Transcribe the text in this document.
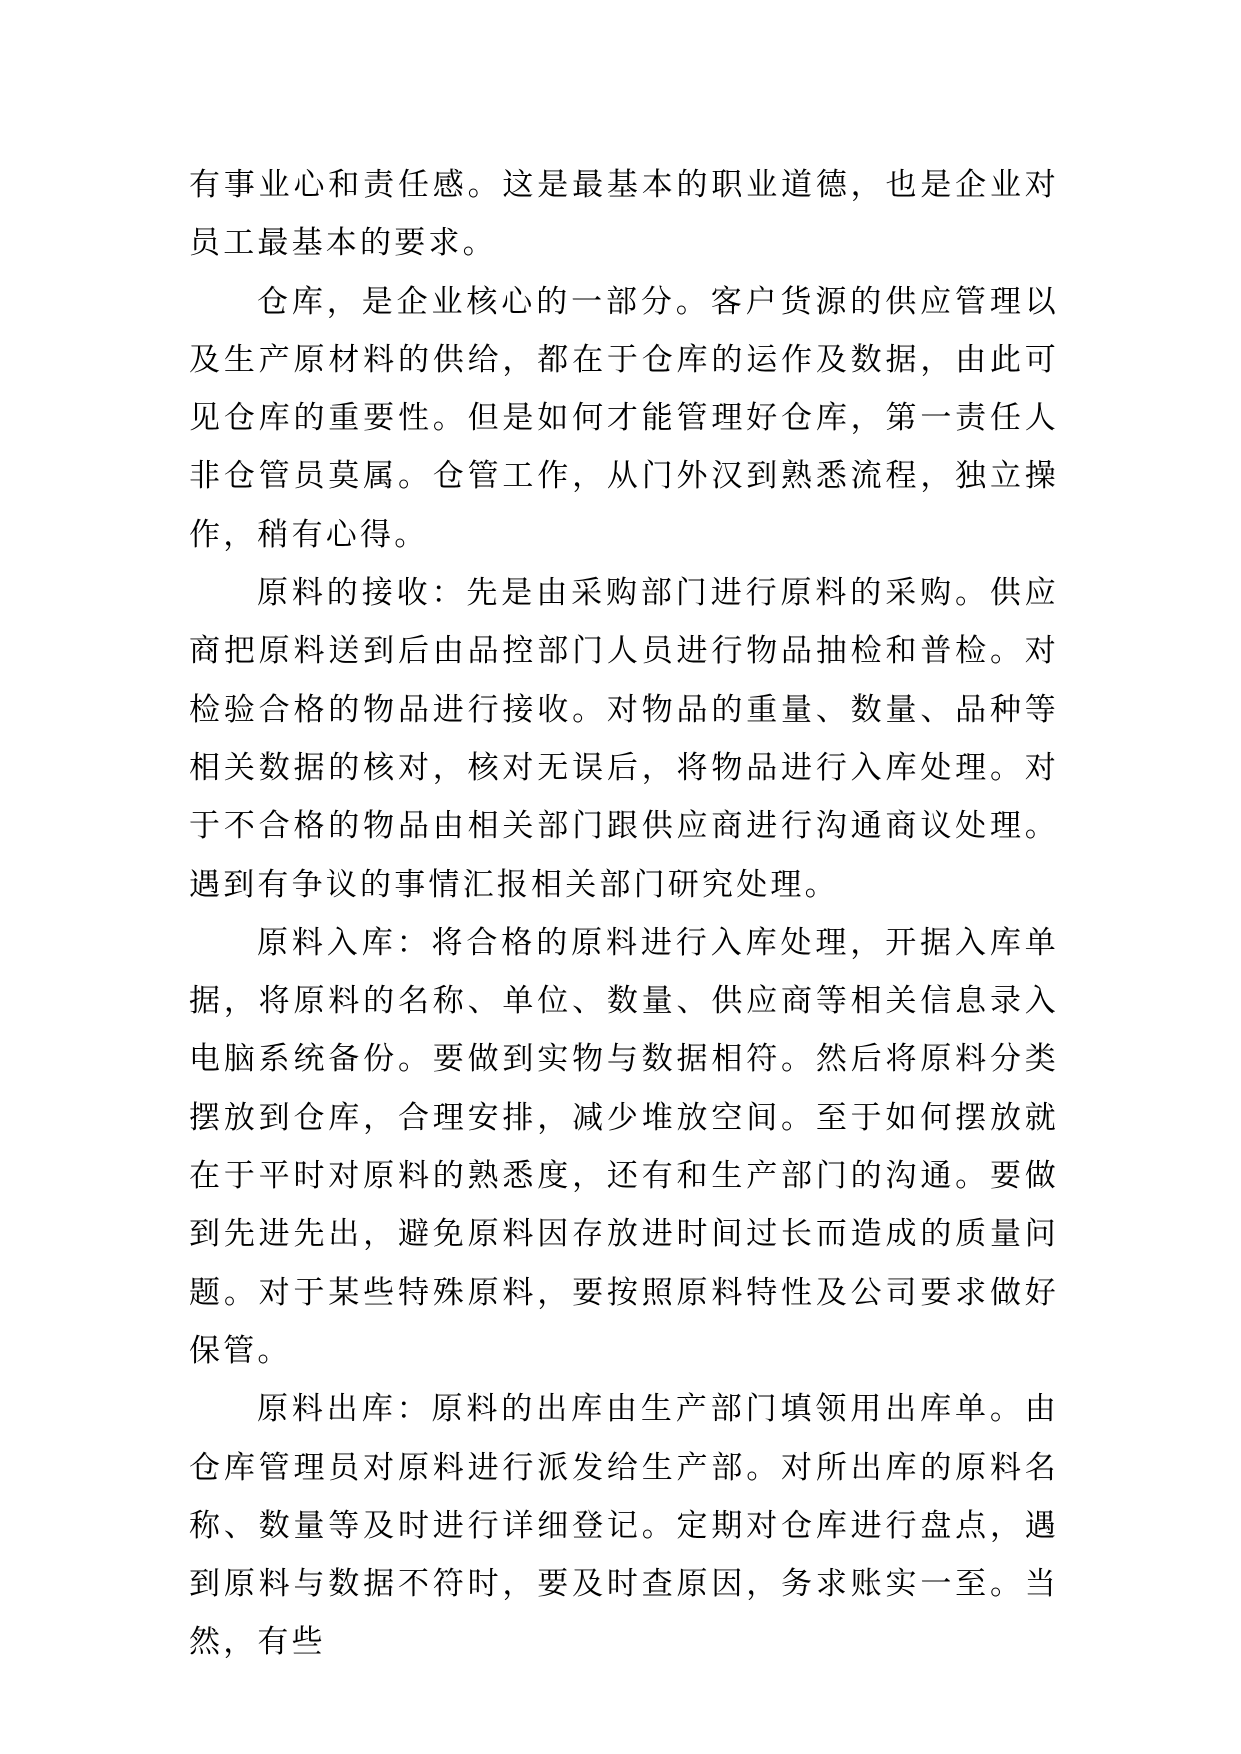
有事业心和责任感。这是最基本的职业道德，也是企业对员工最基本的要求。

仓库，是企业核心的一部分。客户货源的供应管理以及生产原材料的供给，都在于仓库的运作及数据，由此可见仓库的重要性。但是如何才能管理好仓库，第一责任人非仓管员莫属。仓管工作，从门外汉到熟悉流程，独立操作，稍有心得。

原料的接收：先是由采购部门进行原料的采购。供应商把原料送到后由品控部门人员进行物品抽检和普检。对检验合格的物品进行接收。对物品的重量、数量、品种等相关数据的核对，核对无误后，将物品进行入库处理。对于不合格的物品由相关部门跟供应商进行沟通商议处理。遇到有争议的事情汇报相关部门研究处理。

原料入库：将合格的原料进行入库处理，开据入库单据，将原料的名称、单位、数量、供应商等相关信息录入电脑系统备份。要做到实物与数据相符。然后将原料分类摆放到仓库，合理安排，减少堆放空间。至于如何摆放就在于平时对原料的熟悉度，还有和生产部门的沟通。要做到先进先出，避免原料因存放进时间过长而造成的质量问题。对于某些特殊原料，要按照原料特性及公司要求做好保管。

原料出库：原料的出库由生产部门填领用出库单。由仓库管理员对原料进行派发给生产部。对所出库的原料名称、数量等及时进行详细登记。定期对仓库进行盘点，遇到原料与数据不符时，要及时查原因，务求账实一至。当然，有些
